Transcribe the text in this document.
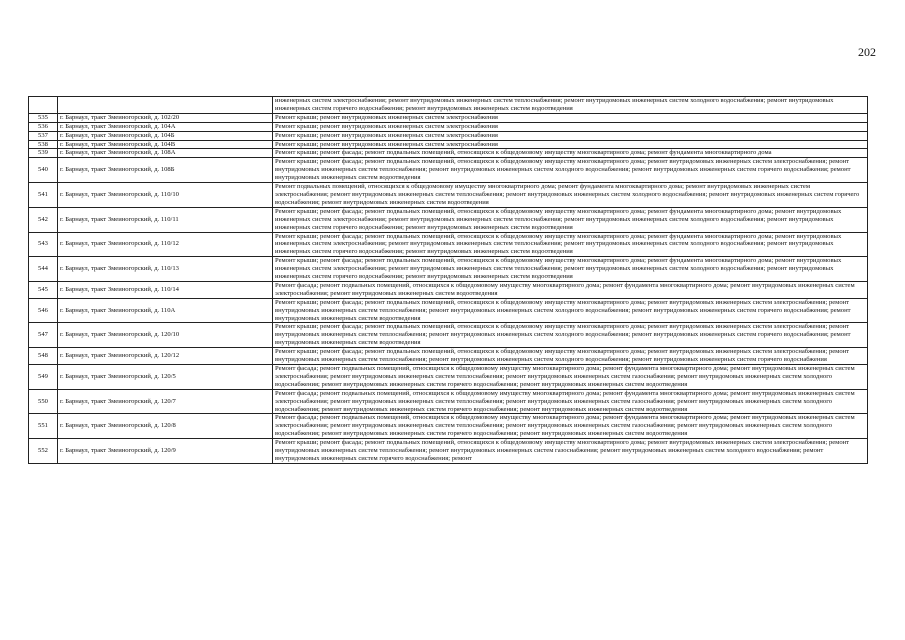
202
		инженерных систем электроснабжения; ремонт внутридомовых инженерных систем теплоснабжения; ремонт внутридомовых инженерных систем холодного водоснабжения; ремонт внутридомовых инженерных систем горячего водоснабжения; ремонт внутридомовых инженерных систем водоотведения
535	г. Барнаул, тракт Змеиногорский, д. 102/20	Ремонт крыши; ремонт внутридомовых инженерных систем электроснабжения
536	г. Барнаул, тракт Змеиногорский, д. 104А	Ремонт крыши; ремонт внутридомовых инженерных систем электроснабжения
537	г. Барнаул, тракт Змеиногорский, д. 104Б	Ремонт крыши; ремонт внутридомовых инженерных систем электроснабжения
538	г. Барнаул, тракт Змеиногорский, д. 104В	Ремонт крыши; ремонт внутридомовых инженерных систем электроснабжения
539	г. Барнаул, тракт Змеиногорский, д. 108А	Ремонт крыши; ремонт фасада; ремонт подвальных помещений, относящихся к общедомовому имуществу многоквартирного дома; ремонт фундамента многоквартирного дома
540	г. Барнаул, тракт Змеиногорский, д. 108Б	Ремонт крыши; ремонт фасада; ремонт подвальных помещений, относящихся к общедомовому имуществу многоквартирного дома; ремонт внутридомовых инженерных систем электроснабжения; ремонт внутридомовых инженерных систем теплоснабжения; ремонт внутридомовых инженерных систем холодного водоснабжения; ремонт внутридомовых инженерных систем горячего водоснабжения; ремонт внутридомовых инженерных систем водоотведения
541	г. Барнаул, тракт Змеиногорский, д. 110/10	Ремонт подвальных помещений, относящихся к общедомовому имуществу многоквартирного дома; ремонт фундамента многоквартирного дома; ремонт внутридомовых инженерных систем электроснабжения; ремонт внутридомовых инженерных систем теплоснабжения; ремонт внутридомовых инженерных систем холодного водоснабжения; ремонт внутридомовых инженерных систем горячего водоснабжения; ремонт внутридомовых инженерных систем водоотведения
542	г. Барнаул, тракт Змеиногорский, д. 110/11	Ремонт крыши; ремонт фасада; ремонт подвальных помещений, относящихся к общедомовому имуществу многоквартирного дома; ремонт фундамента многоквартирного дома; ремонт внутридомовых инженерных систем электроснабжения; ремонт внутридомовых инженерных систем теплоснабжения; ремонт внутридомовых инженерных систем холодного водоснабжения; ремонт внутридомовых инженерных систем горячего водоснабжения; ремонт внутридомовых инженерных систем водоотведения
543	г. Барнаул, тракт Змеиногорский, д. 110/12	Ремонт крыши; ремонт фасада; ремонт подвальных помещений, относящихся к общедомовому имуществу многоквартирного дома; ремонт фундамента многоквартирного дома; ремонт внутридомовых инженерных систем электроснабжения; ремонт внутридомовых инженерных систем теплоснабжения; ремонт внутридомовых инженерных систем холодного водоснабжения; ремонт внутридомовых инженерных систем горячего водоснабжения; ремонт внутридомовых инженерных систем водоотведения
544	г. Барнаул, тракт Змеиногорский, д. 110/13	Ремонт крыши; ремонт фасада; ремонт подвальных помещений, относящихся к общедомовому имуществу многоквартирного дома; ремонт фундамента многоквартирного дома; ремонт внутридомовых инженерных систем электроснабжения; ремонт внутридомовых инженерных систем теплоснабжения; ремонт внутридомовых инженерных систем холодного водоснабжения; ремонт внутридомовых инженерных систем горячего водоснабжения; ремонт внутридомовых инженерных систем водоотведения
545	г. Барнаул, тракт Змеиногорский, д. 110/14	Ремонт фасада; ремонт подвальных помещений, относящихся к общедомовому имуществу многоквартирного дома; ремонт фундамента многоквартирного дома; ремонт внутридомовых инженерных систем электроснабжения; ремонт внутридомовых инженерных систем водоотведения
546	г. Барнаул, тракт Змеиногорский, д. 110А	Ремонт крыши; ремонт фасада; ремонт подвальных помещений, относящихся к общедомовому имуществу многоквартирного дома; ремонт внутридомовых инженерных систем электроснабжения; ремонт внутридомовых инженерных систем теплоснабжения; ремонт внутридомовых инженерных систем холодного водоснабжения; ремонт внутридомовых инженерных систем горячего водоснабжения; ремонт внутридомовых инженерных систем водоотведения
547	г. Барнаул, тракт Змеиногорский, д. 120/10	Ремонт крыши; ремонт фасада; ремонт подвальных помещений, относящихся к общедомовому имуществу многоквартирного дома; ремонт внутридомовых инженерных систем электроснабжения; ремонт внутридомовых инженерных систем теплоснабжения; ремонт внутридомовых инженерных систем холодного водоснабжения; ремонт внутридомовых инженерных систем горячего водоснабжения; ремонт внутридомовых инженерных систем водоотведения
548	г. Барнаул, тракт Змеиногорский, д. 120/12	Ремонт крыши; ремонт фасада; ремонт подвальных помещений, относящихся к общедомовому имуществу многоквартирного дома; ремонт внутридомовых инженерных систем электроснабжения; ремонт внутридомовых инженерных систем теплоснабжения; ремонт внутридомовых инженерных систем холодного водоснабжения; ремонт внутридомовых инженерных систем горячего водоснабжения
549	г. Барнаул, тракт Змеиногорский, д. 120/5	Ремонт фасада; ремонт подвальных помещений, относящихся к общедомовому имуществу многоквартирного дома; ремонт фундамента многоквартирного дома; ремонт внутридомовых инженерных систем электроснабжения; ремонт внутридомовых инженерных систем теплоснабжения; ремонт внутридомовых инженерных систем газоснабжения; ремонт внутридомовых инженерных систем холодного водоснабжения; ремонт внутридомовых инженерных систем горячего водоснабжения; ремонт внутридомовых инженерных систем водоотведения
550	г. Барнаул, тракт Змеиногорский, д. 120/7	Ремонт фасада; ремонт подвальных помещений, относящихся к общедомовому имуществу многоквартирного дома; ремонт фундамента многоквартирного дома; ремонт внутридомовых инженерных систем электроснабжения; ремонт внутридомовых инженерных систем теплоснабжения; ремонт внутридомовых инженерных систем газоснабжения; ремонт внутридомовых инженерных систем холодного водоснабжения; ремонт внутридомовых инженерных систем горячего водоснабжения; ремонт внутридомовых инженерных систем водоотведения
551	г. Барнаул, тракт Змеиногорский, д. 120/8	Ремонт фасада; ремонт подвальных помещений, относящихся к общедомовому имуществу многоквартирного дома; ремонт фундамента многоквартирного дома; ремонт внутридомовых инженерных систем электроснабжения; ремонт внутридомовых инженерных систем теплоснабжения; ремонт внутридомовых инженерных систем газоснабжения; ремонт внутридомовых инженерных систем холодного водоснабжения; ремонт внутридомовых инженерных систем горячего водоснабжения; ремонт внутридомовых инженерных систем водоотведения
552	г. Барнаул, тракт Змеиногорский, д. 120/9	Ремонт крыши; ремонт фасада; ремонт подвальных помещений, относящихся к общедомовому имуществу многоквартирного дома; ремонт внутридомовых инженерных систем электроснабжения; ремонт внутридомовых инженерных систем теплоснабжения; ремонт внутридомовых инженерных систем газоснабжения; ремонт внутридомовых инженерных систем холодного водоснабжения; ремонт внутридомовых инженерных систем горячего водоснабжения; ремонт
